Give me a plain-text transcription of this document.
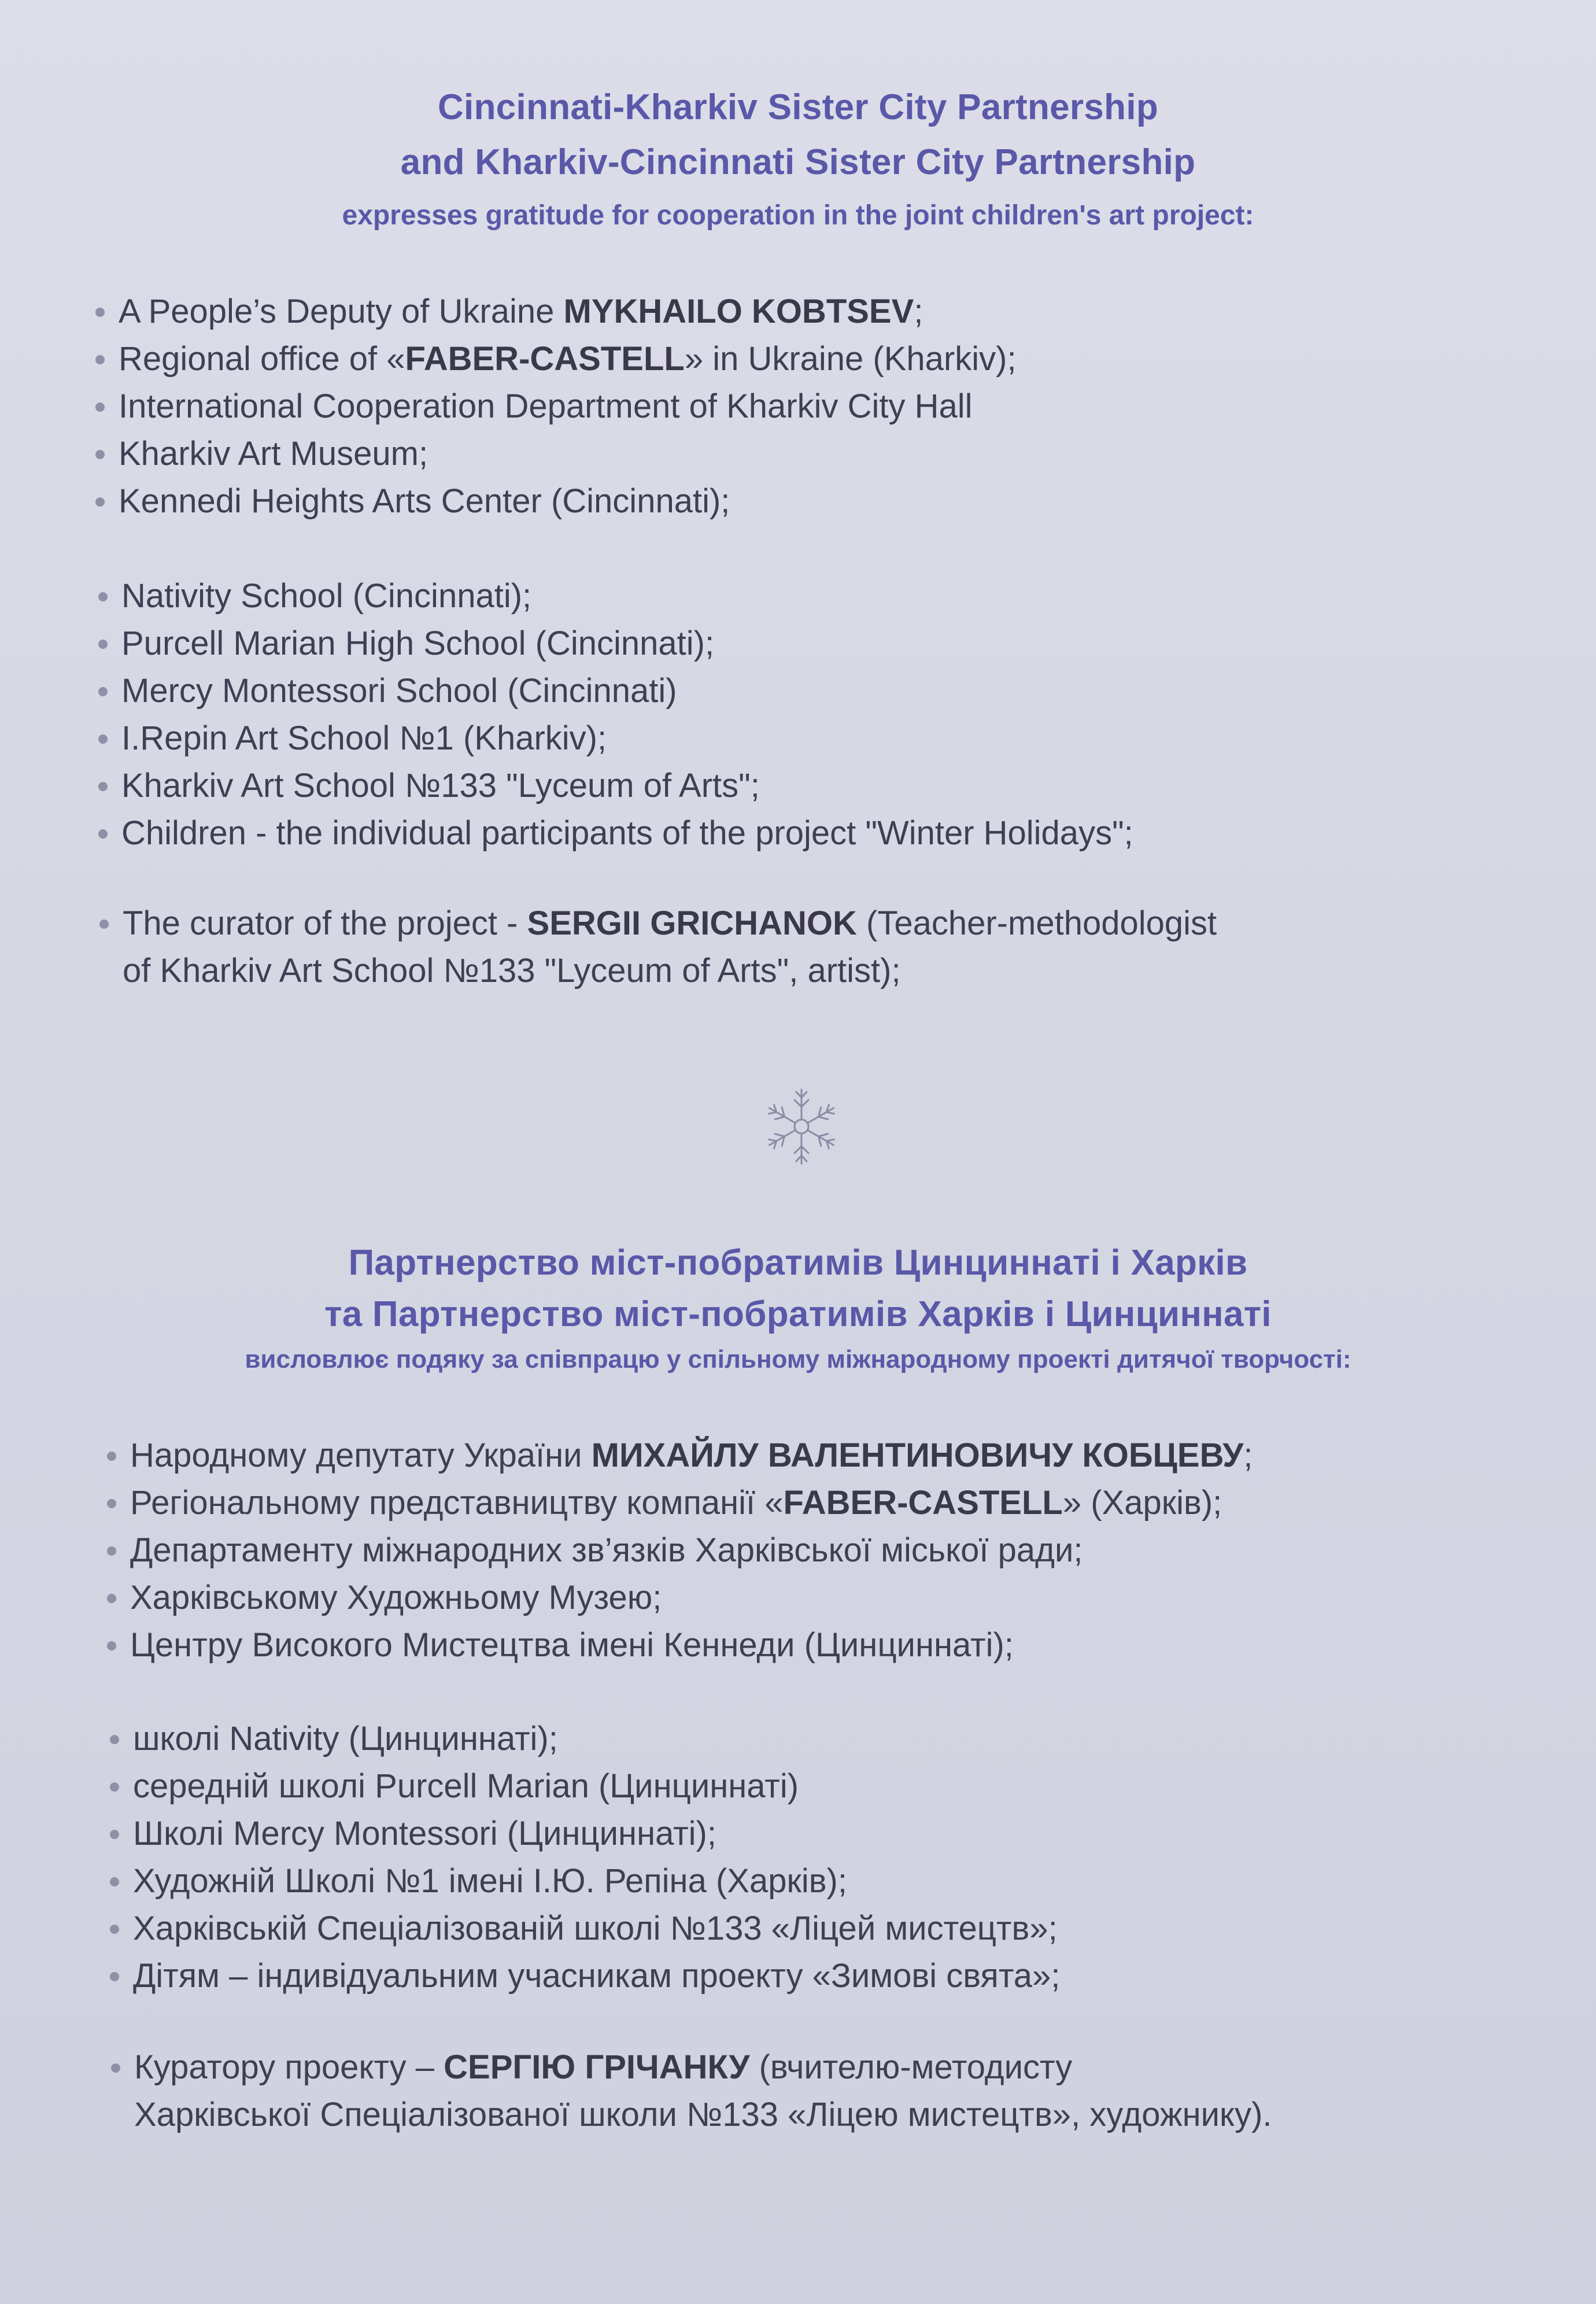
Cincinnati-Kharkiv Sister City Partnership
and Kharkiv-Cincinnati Sister City Partnership
expresses gratitude for cooperation in the joint children's art project:
A People’s Deputy of Ukraine MYKHAILO KOBTSEV;
Regional office of «FABER-CASTELL» in Ukraine (Kharkiv);
International Cooperation Department of Kharkiv City Hall
Kharkiv Art Museum;
Kennedi Heights Arts Center (Cincinnati);
Nativity School (Cincinnati);
Purcell Marian High School (Cincinnati);
Mercy Montessori School (Cincinnati)
I.Repin Art School №1 (Kharkiv);
Kharkiv Art School №133 "Lyceum of Arts";
Children - the individual participants of the project "Winter Holidays";
The curator of the project - SERGII GRICHANOK (Teacher-methodologist
of Kharkiv Art School №133 "Lyceum of Arts", artist);
Партнерство міст-побратимів Цинциннаті і Харків
та Партнерство міст-побратимів Харків і Цинциннаті
висловлює подяку за співпрацю у спільному міжнародному проекті дитячої творчості:
Народному депутату України МИХАЙЛУ ВАЛЕНТИНОВИЧУ КОБЦЕВУ;
Регіональному представництву компанії «FABER-CASTELL» (Харків);
Департаменту міжнародних зв’язків Харківської міської ради;
Харківському Художньому Музею;
Центру Високого Мистецтва імені Кеннеди (Цинциннаті);
школі Nativity (Цинциннаті);
середній школі Purcell Marian (Цинциннаті)
Школі Mercy Montessori (Цинциннаті);
Художній Школі №1 імені І.Ю. Репіна (Харків);
Харківській Спеціалізованій школі №133 «Ліцей мистецтв»;
Дітям – індивідуальним учасникам проекту «Зимові свята»;
Куратору проекту – СЕРГІЮ ГРІЧАНКУ (вчителю-методисту
Харківської Спеціалізованої школи №133 «Ліцею мистецтв», художнику).
